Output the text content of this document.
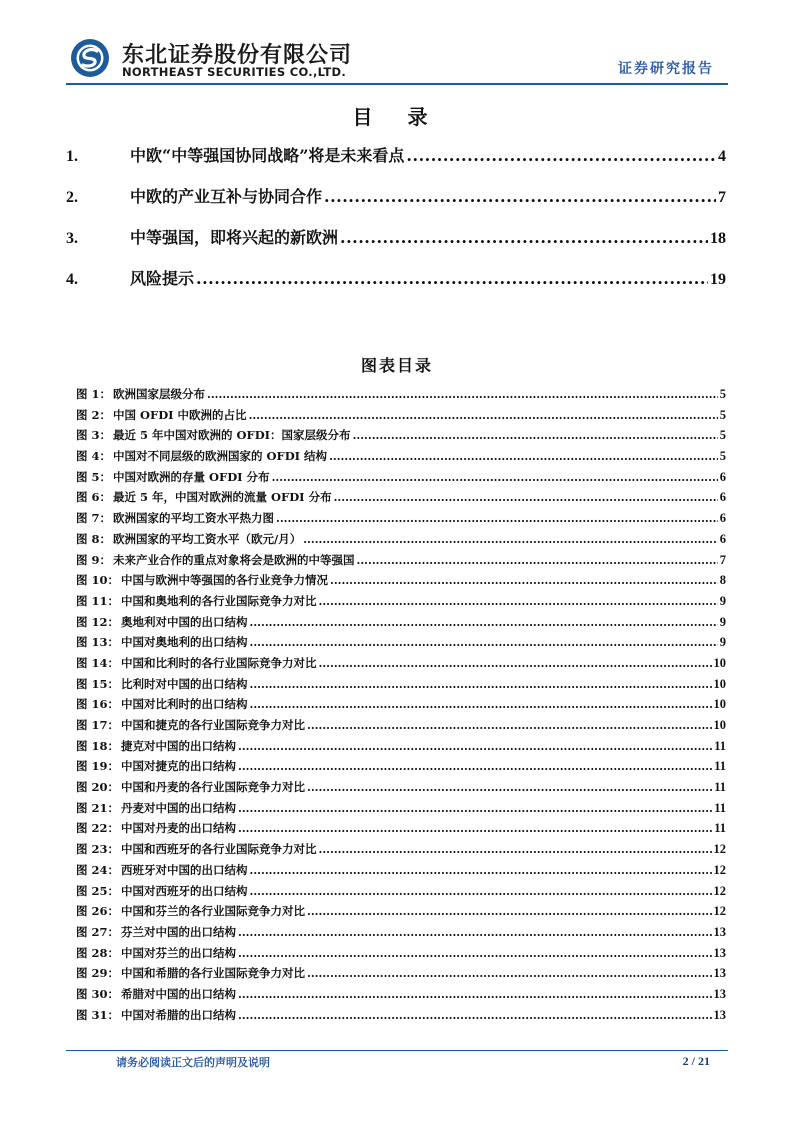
东北证券股份有限公司
NORTHEAST SECURITIES CO.,LTD.	证券研究报告
目 录
1.	中欧“中等强国协同战略”将是未来看点 .....	4
2.	中欧的产业互补与协同合作 .....	7
3.	中等强国，即将兴起的新欧洲 .....	18
4.	风险提示 .....	19
图表目录
图 1： 欧洲国家层级分布 .....	5
图 2： 中国 OFDI 中欧洲的占比 .....	5
图 3： 最近 5 年中国对欧洲的 OFDI：国家层级分布 .....	5
图 4： 中国对不同层级的欧洲国家的 OFDI 结构 .....	5
图 5： 中国对欧洲的存量 OFDI 分布 .....	6
图 6： 最近 5 年，中国对欧洲的流量 OFDI 分布 .....	6
图 7： 欧洲国家的平均工资水平热力图 .....	6
图 8： 欧洲国家的平均工资水平（欧元/月） .....	6
图 9： 未来产业合作的重点对象将会是欧洲的中等强国 .....	7
图 10： 中国与欧洲中等强国的各行业竞争力情况 .....	8
图 11： 中国和奥地利的各行业国际竞争力对比 .....	9
图 12： 奥地利对中国的出口结构 .....	9
图 13： 中国对奥地利的出口结构 .....	9
图 14： 中国和比利时的各行业国际竞争力对比 .....	10
图 15： 比利时对中国的出口结构 .....	10
图 16： 中国对比利时的出口结构 .....	10
图 17： 中国和捷克的各行业国际竞争力对比 .....	10
图 18： 捷克对中国的出口结构 .....	11
图 19： 中国对捷克的出口结构 .....	11
图 20： 中国和丹麦的各行业国际竞争力对比 .....	11
图 21： 丹麦对中国的出口结构 .....	11
图 22： 中国对丹麦的出口结构 .....	11
图 23： 中国和西班牙的各行业国际竞争力对比 .....	12
图 24： 西班牙对中国的出口结构 .....	12
图 25： 中国对西班牙的出口结构 .....	12
图 26： 中国和芬兰的各行业国际竞争力对比 .....	12
图 27： 芬兰对中国的出口结构 .....	13
图 28： 中国对芬兰的出口结构 .....	13
图 29： 中国和希腊的各行业国际竞争力对比 .....	13
图 30： 希腊对中国的出口结构 .....	13
图 31： 中国对希腊的出口结构 .....	13
请务必阅读正文后的声明及说明	2 / 21
